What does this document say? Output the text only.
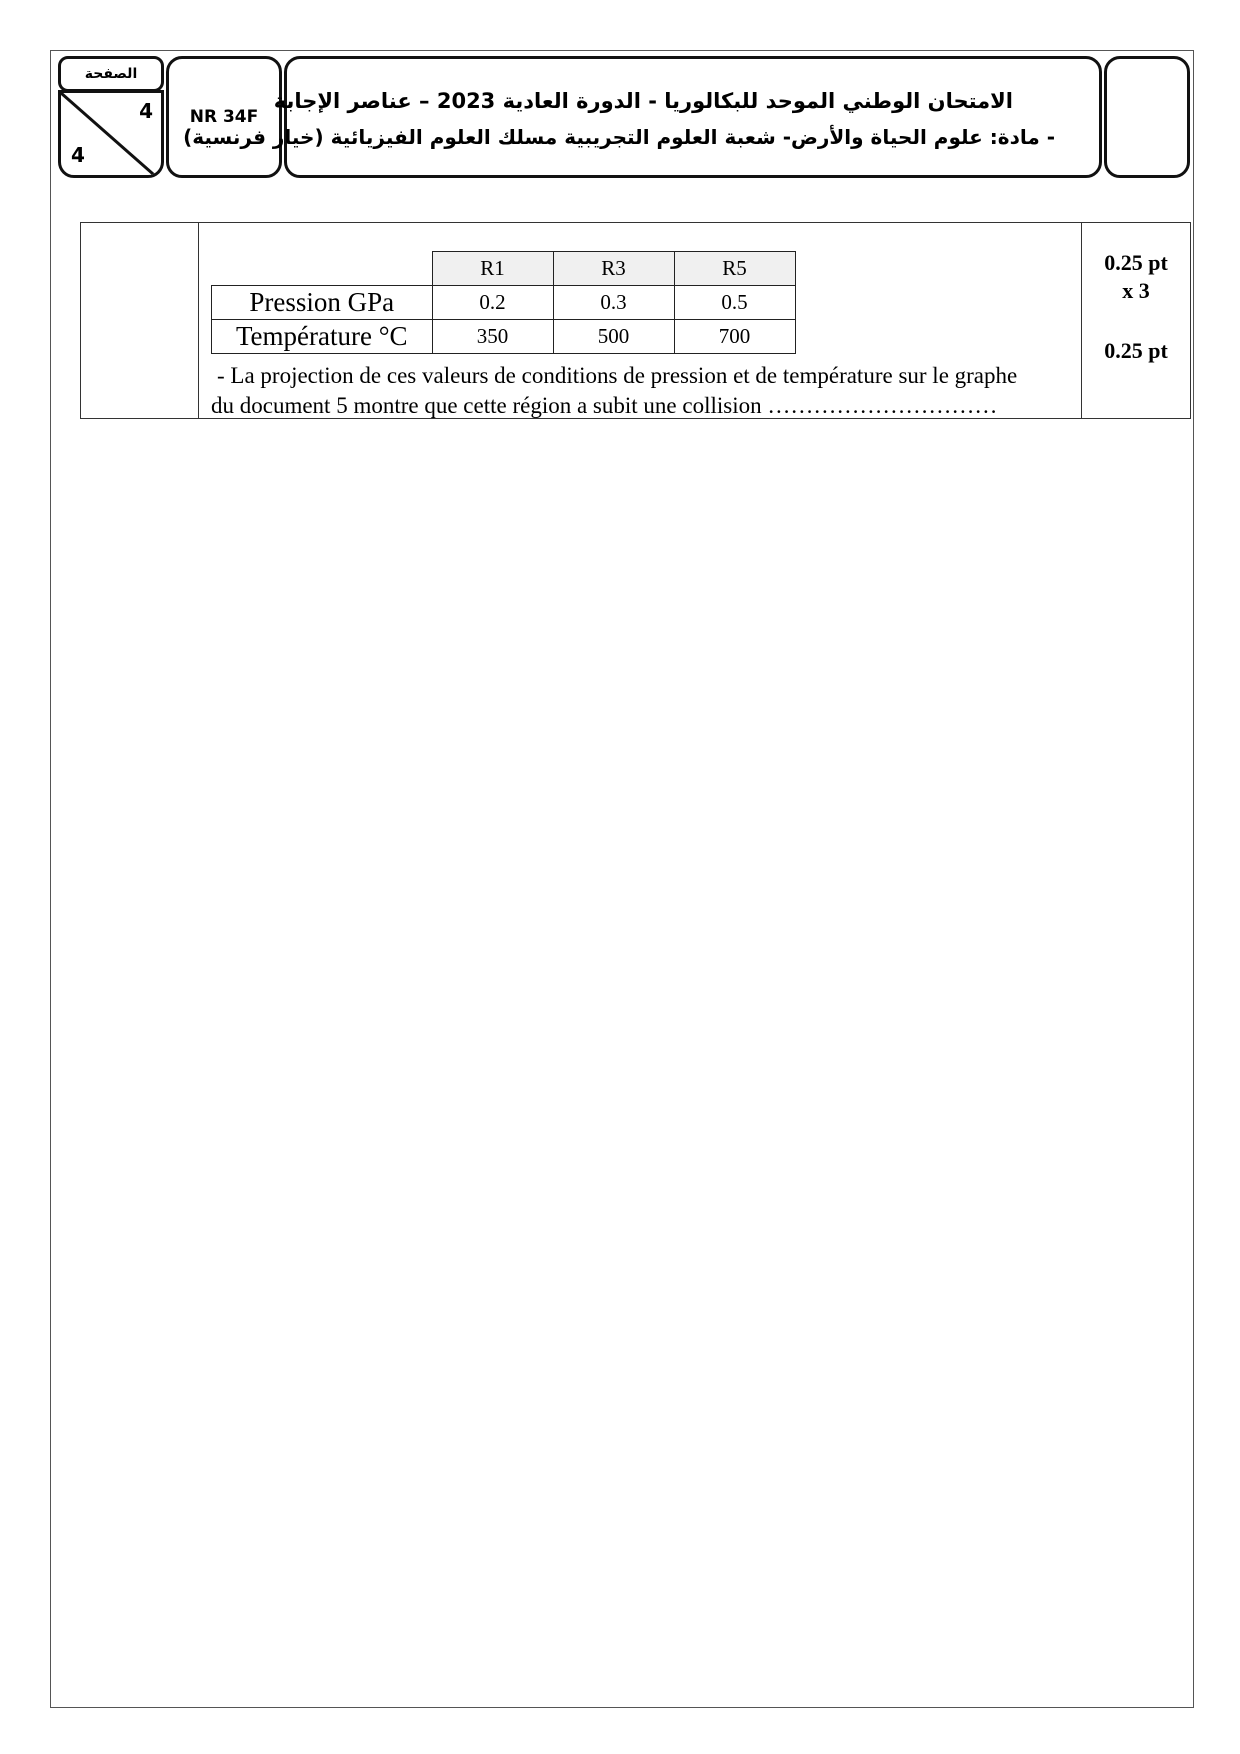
الصفحة
4
4
NR 34F
الامتحان الوطني الموحد للبكالوريا - الدورة العادية 2023 – عناصر الإجابة
- مادة: علوم الحياة والأرض- شعبة العلوم التجريبية مسلك العلوم الفيزيائية (خيار فرنسية)
0.25 pt
x 3
0.25 pt
	R1	R3	R5
Pression GPa	0.2	0.3	0.5
Température °C	350	500	700
- La projection de ces valeurs de conditions de pression et de température sur le graphe
du document 5 montre que cette région a subit une collision …………………………
